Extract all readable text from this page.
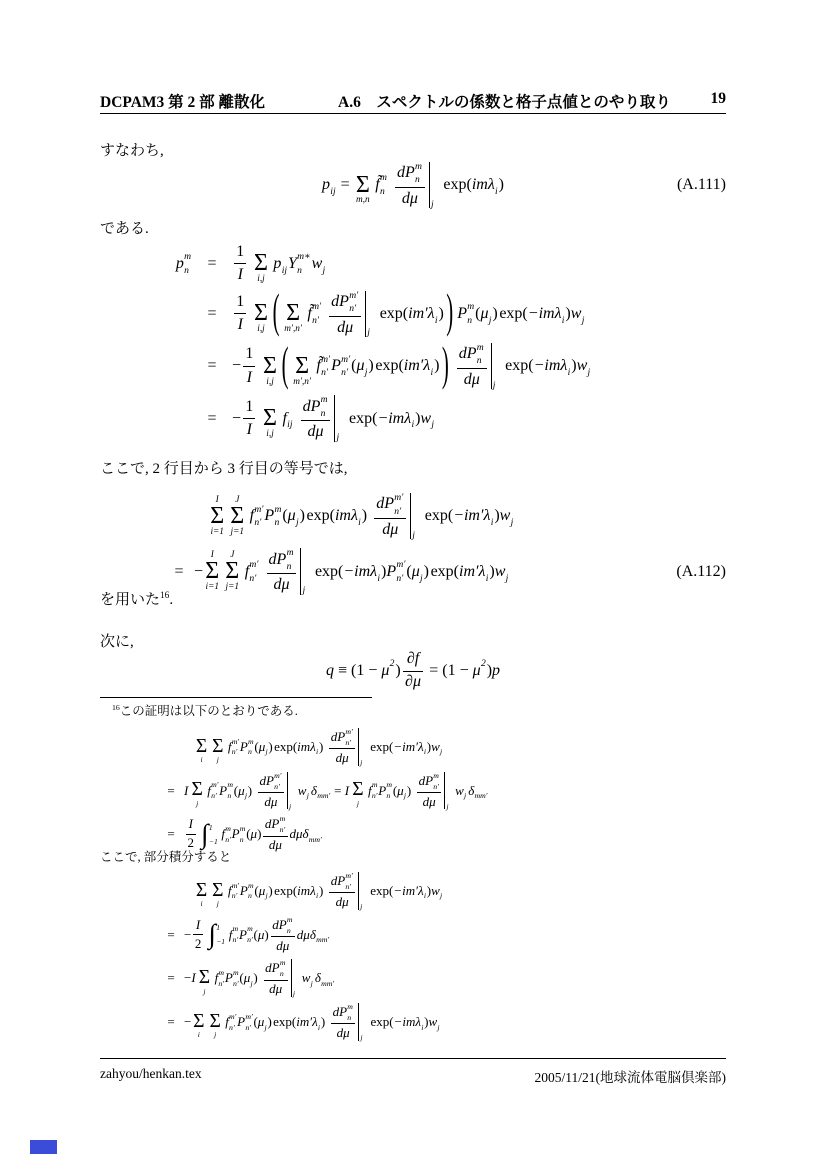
DCPAM3 第 2 部 離散化	A.6　スペクトルの係数と格子点値とのやり取り	19
すなわち,
p ij = Σ
m,n
f̃ m
n dP m
n
dμ j
exp( imλ i )	(A.111)
である.
p m
n	=	$\frac{1}{I}$ Σ
i,j
p ij Y m∗
n w j
=	$\frac{1}{I}$ Σ
i,j ( Σ
m′,n′
f̃ m′
n′ dP m′
n′
dμ j
exp( im′λ i ) ) P m
n ( μ j ) exp( −imλ i ) w j
= − $\frac{1}{I}$ Σ
i,j ( Σ
m′,n′
f̃ m′
n′ P m′
n′ ( μ j ) exp( im′λ i ) ) dP m
n
dμ j
exp( −imλ i ) w j
= − $\frac{1}{I}$ Σ
i,j
f ij dP m
n
dμ j
exp( −imλ i ) w j
ここで, 2 行目から 3 行目の等号では,
I
Σ
i=1
J
Σ
j=1
f m′
n′ P m
n ( μ j ) exp( imλ i ) dP m′
n′
dμ j
exp( −im′λ i ) w j
= −
I
Σ
i=1
J
Σ
j=1
f m′
n′ dP m
n
dμ j
exp( −imλ i ) P m′
n′ ( μ j ) exp( im′λ i ) w j	(A.112)
を用いた$^{16}$.
次に,
q ≡ (1 − μ 2 ) $\frac{\partial f}{\partial\mu} = (1 - \mu$ 2 ) p
$^{16}$この証明は以下のとおりである.
Σ
i
Σ
j
f m′
n′ P m
n ( μ j ) exp( imλ i ) dP m′
n′
dμ j
exp( −im′λ i ) w j
= I Σ
j
f m′
n′ P m
n ( μ j ) dP m′
n′
dμ j
w j δ mm′ = I Σ
j
f m
n′ P m
n ( μ j ) dP m
n′
dμ j
w j δ mm′
= $\frac{I}{2}$ ∫ 1
−1
f m
n′ P m
n ( μ ) dP m
n′
dμ dμδ mm′
ここで, 部分積分すると
Σ
i
Σ
j
f m′
n′ P m
n ( μ j ) exp( imλ i ) dP m′
n′
dμ j
exp( −im′λ i ) w j
= − $\frac{I}{2}$ ∫ 1
−1
f m
n′ P m
n′ ( μ ) dP m
n
dμ dμδ mm′
= − I Σ
j
f m
n′ P m
n′ ( μ j ) dP m
n
dμ j
w j δ mm′
= − Σ
i
Σ
j
f m′
n′ P m′
n′ ( μ j ) exp( im′λ i ) dP m
n
dμ j
exp( −imλ i ) w j
zahyou/henkan.tex	2005/11/21(地球流体電脳倶楽部)
